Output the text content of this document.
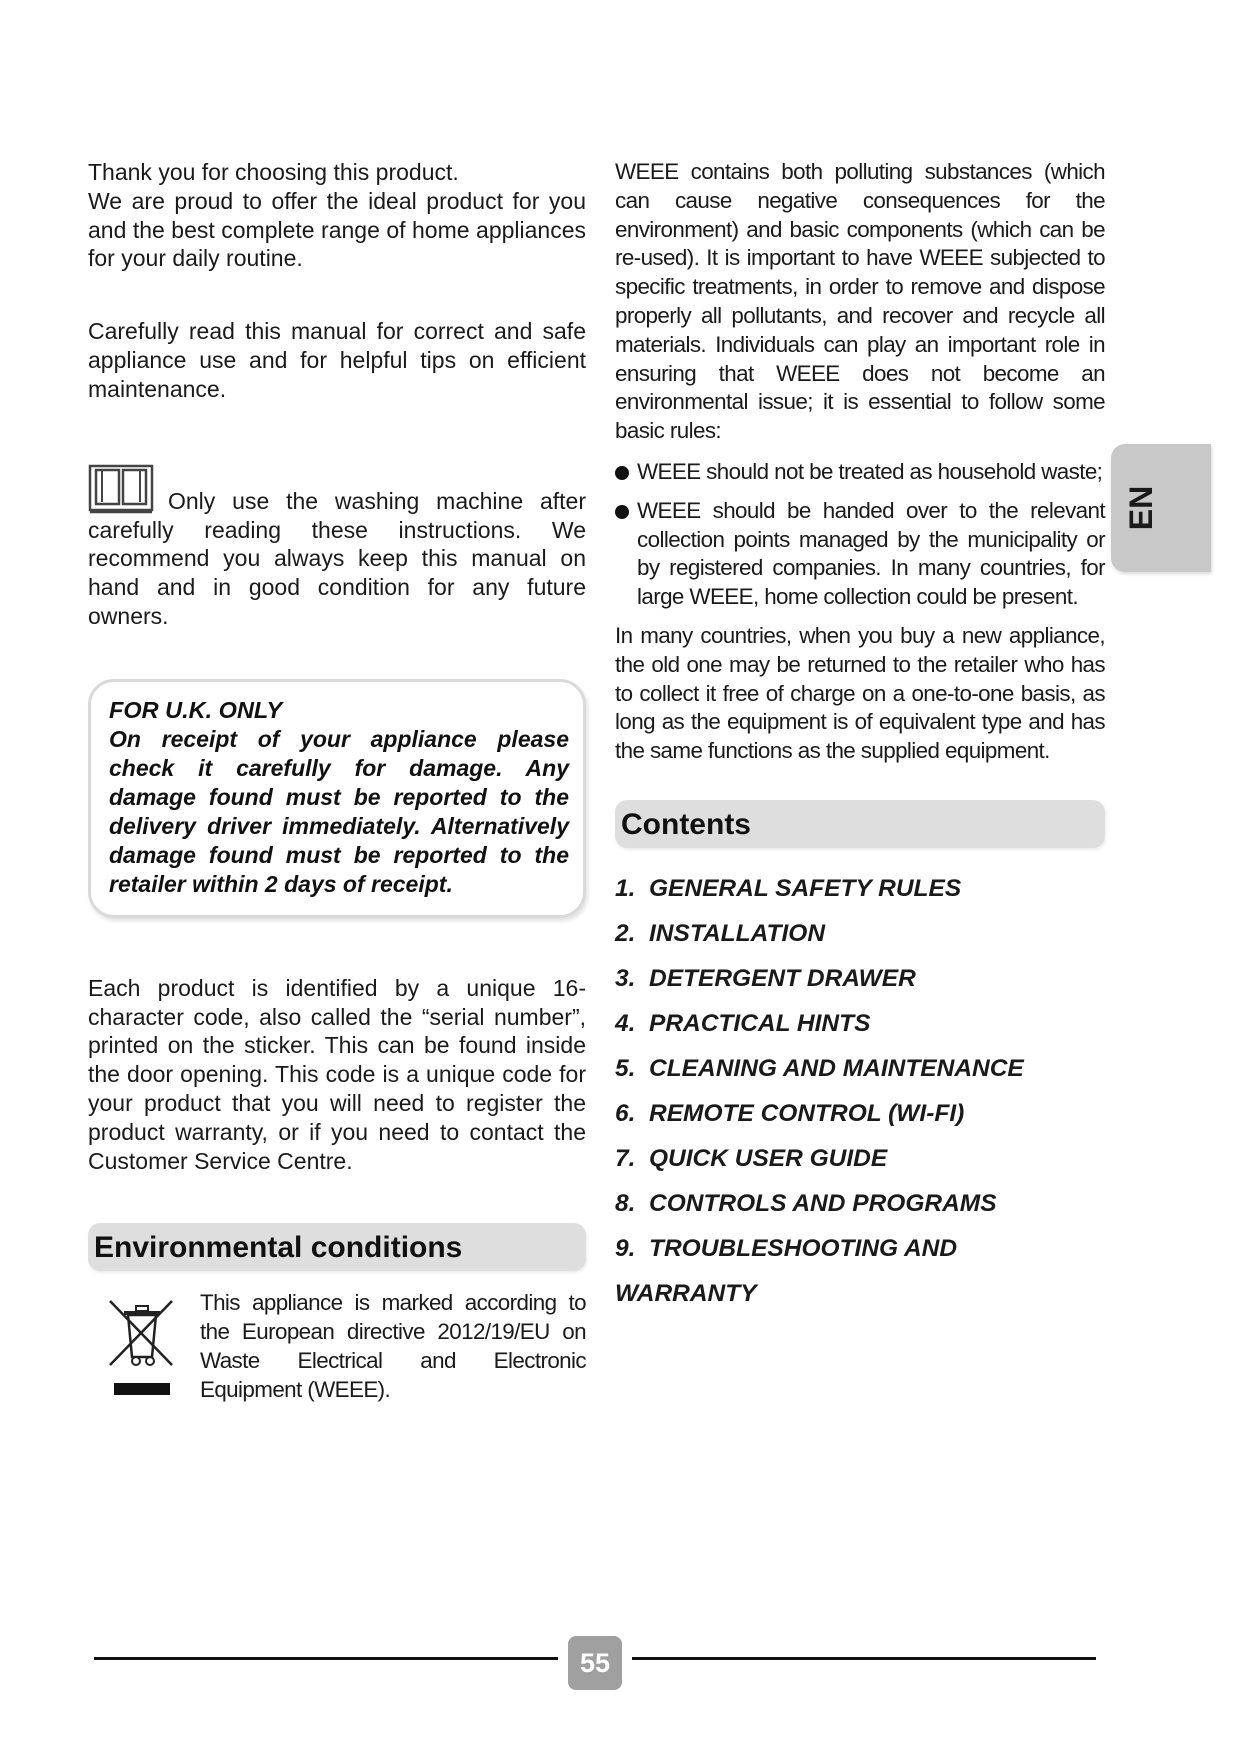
Thank you for choosing this product.

We are proud to offer the ideal product for you and the best complete range of home appliances for your daily routine.

Carefully read this manual for correct and safe appliance use and for helpful tips on efficient maintenance.

Only use the washing machine after carefully reading these instructions. We recommend you always keep this manual on hand and in good condition for any future owners.

FOR U.K. ONLY
On receipt of your appliance please check it carefully for damage. Any damage found must be reported to the delivery driver immediately. Alternatively damage found must be reported to the retailer within 2 days of receipt.

Each product is identified by a unique 16-character code, also called the “serial number”, printed on the sticker. This can be found inside the door opening. This code is a unique code for your product that you will need to register the product warranty, or if you need to contact the Customer Service Centre.

Environmental conditions

This appliance is marked according to the European directive 2012/19/EU on Waste Electrical and Electronic Equipment (WEEE).

WEEE contains both polluting substances (which can cause negative consequences for the environment) and basic components (which can be re-used). It is important to have WEEE subjected to specific treatments, in order to remove and dispose properly all pollutants, and recover and recycle all materials. Individuals can play an important role in ensuring that WEEE does not become an environmental issue; it is essential to follow some basic rules:

WEEE should not be treated as household waste;
WEEE should be handed over to the relevant collection points managed by the municipality or by registered companies. In many countries, for large WEEE, home collection could be present.

In many countries, when you buy a new appliance, the old one may be returned to the retailer who has to collect it free of charge on a one-to-one basis, as long as the equipment is of equivalent type and has the same functions as the supplied equipment.

Contents
1. GENERAL SAFETY RULES
2. INSTALLATION
3. DETERGENT DRAWER
4. PRACTICAL HINTS
5. CLEANING AND MAINTENANCE
6. REMOTE CONTROL (WI-FI)
7. QUICK USER GUIDE
8. CONTROLS AND PROGRAMS
9. TROUBLESHOOTING AND WARRANTY
EN
55
